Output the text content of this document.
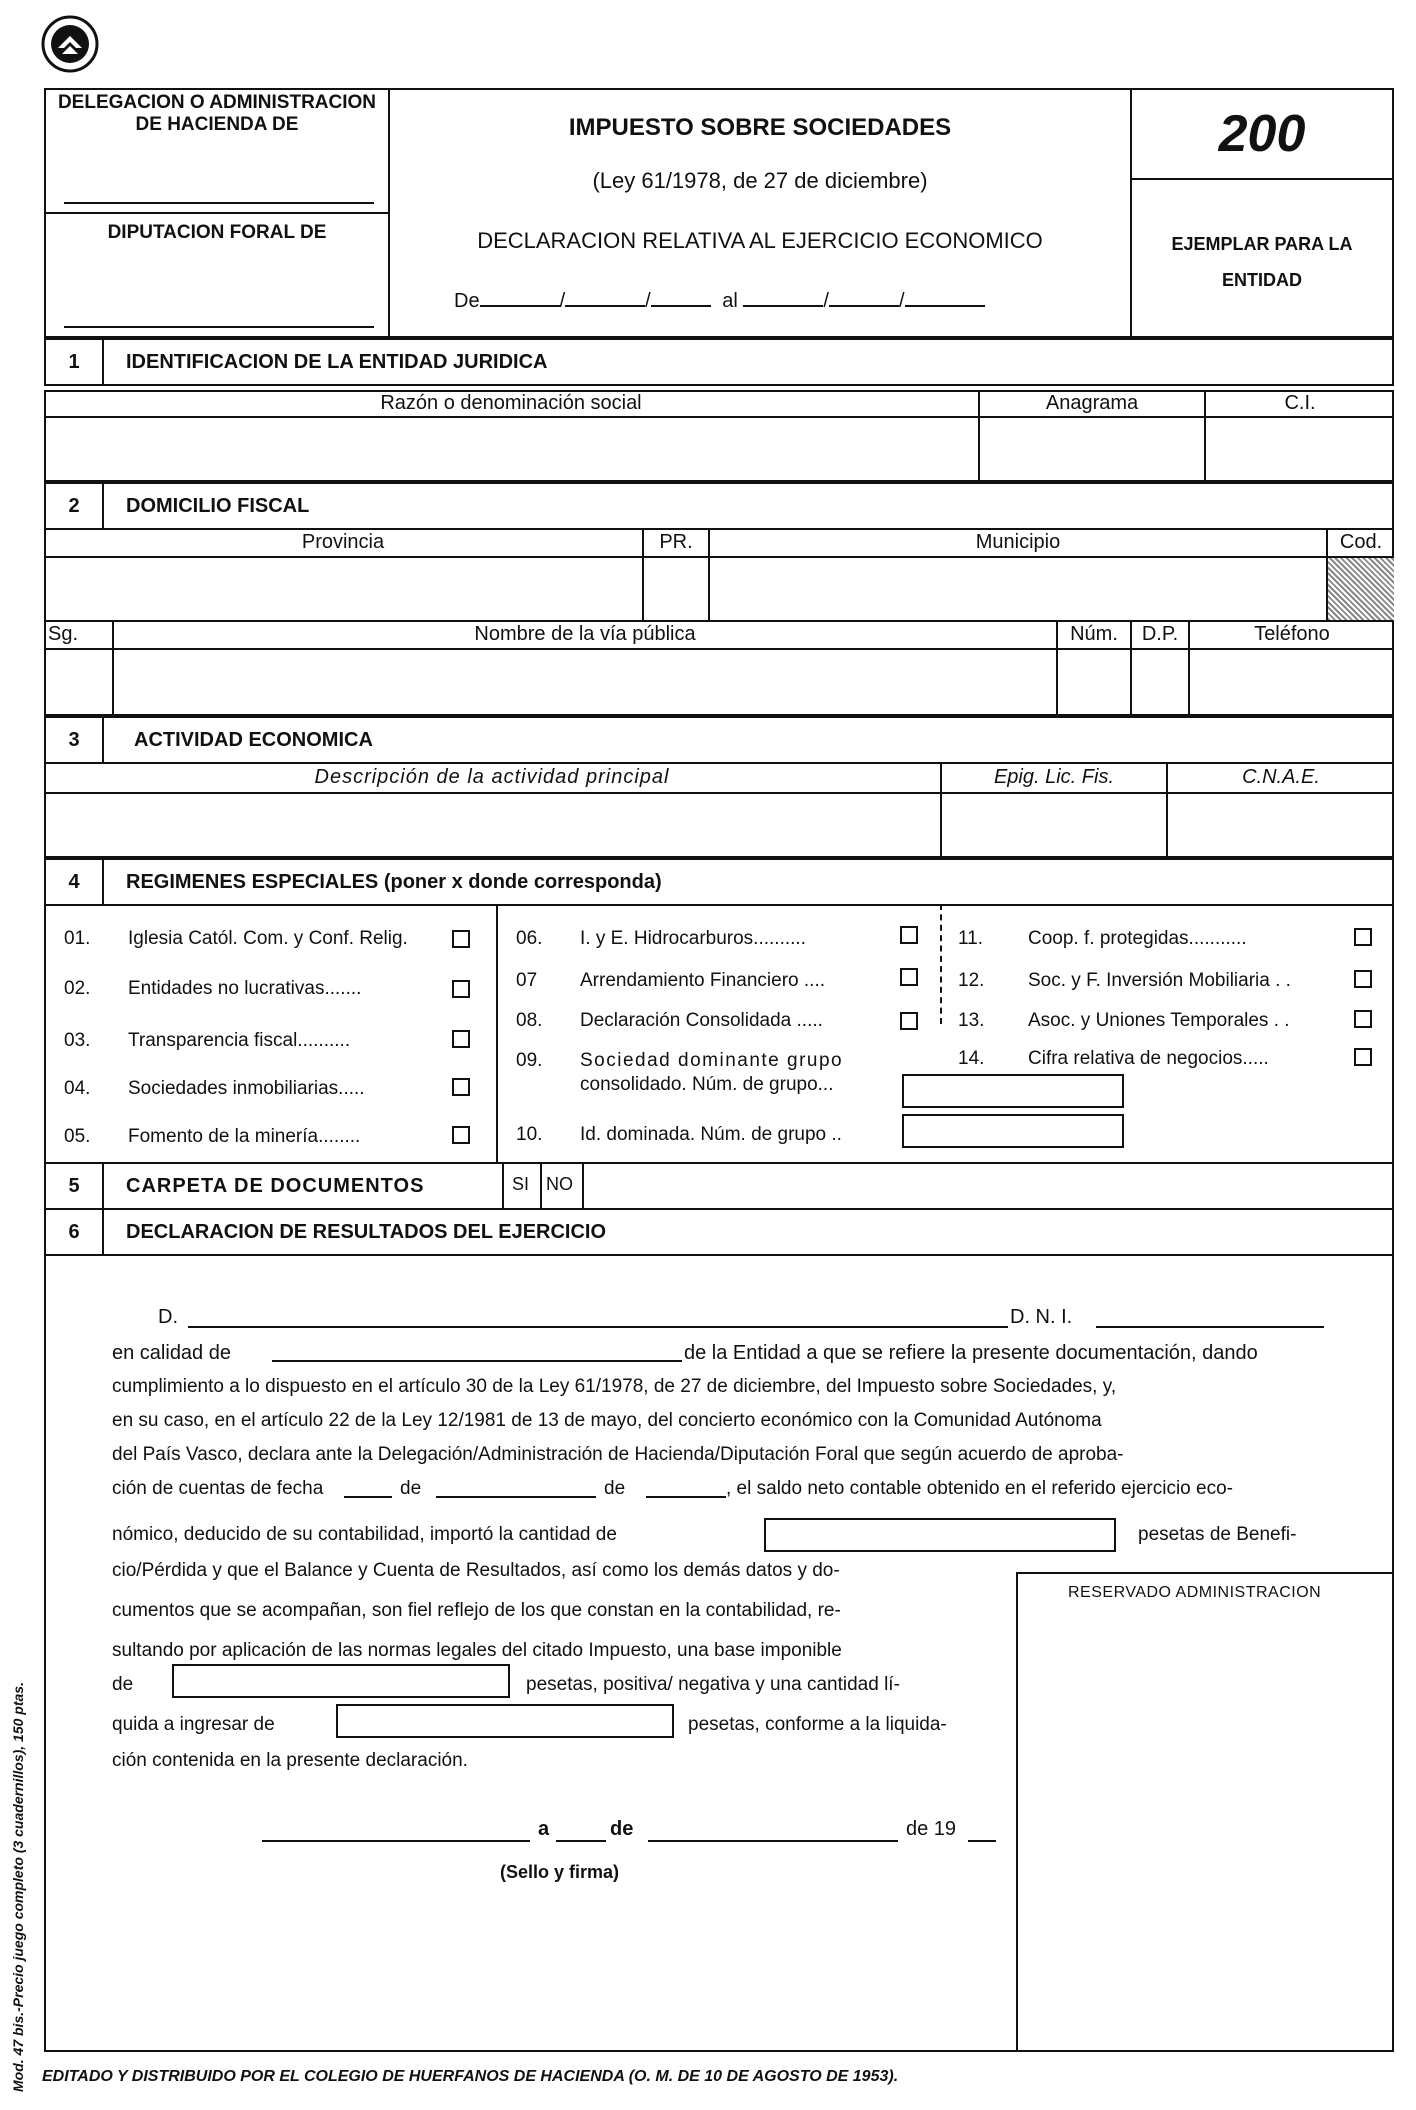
DELEGACION O ADMINISTRACION DE HACIENDA DE
DIPUTACION FORAL DE
IMPUESTO SOBRE SOCIEDADES
(Ley 61/1978, de 27 de diciembre)
DECLARACION RELATIVA AL EJERCICIO ECONOMICO
De	/	/	al	/	/
200
EJEMPLAR PARA LA ENTIDAD
1	IDENTIFICACION DE LA ENTIDAD JURIDICA
Razón o denominación social	Anagrama	C.I.
2	DOMICILIO FISCAL
Provincia	PR.	Municipio	Cod.
Sg.	Nombre de la vía pública	Núm.	D.P.	Teléfono
3	ACTIVIDAD ECONOMICA
Descripción de la actividad principal	Epig. Lic. Fis.	C.N.A.E.
4	REGIMENES ESPECIALES (poner x donde corresponda)
01.	Iglesia Catól. Com. y Conf. Relig.
02.	Entidades no lucrativas.......
03.	Transparencia fiscal..........
04.	Sociedades inmobiliarias.....
05.	Fomento de la minería........
06.	I. y E. Hidrocarburos..........
07	Arrendamiento Financiero ....
08.	Declaración Consolidada .....
09.	Sociedad dominante grupo
consolidado. Núm. de grupo...
10.	Id. dominada. Núm. de grupo ..
11.	Coop. f. protegidas...........
12.	Soc. y F. Inversión Mobiliaria . .
13.	Asoc. y Uniones Temporales . .
14.	Cifra relativa de negocios.....
5	CARPETA DE DOCUMENTOS	SI NO
6	DECLARACION DE RESULTADOS DEL EJERCICIO
D.	D. N. I.
en calidad de	de la Entidad a que se refiere la presente documentación, dando
cumplimiento a lo dispuesto en el artículo 30 de la Ley 61/1978, de 27 de diciembre, del Impuesto sobre Sociedades, y,
en su caso, en el artículo 22 de la Ley 12/1981 de 13 de mayo, del concierto económico con la Comunidad Autónoma
del País Vasco, declara ante la Delegación/Administración de Hacienda/Diputación Foral que según acuerdo de aproba-
ción de cuentas de fecha	de	de	, el saldo neto contable obtenido en el referido ejercicio eco-
nómico, deducido de su contabilidad, importó la cantidad de	pesetas de Benefi-
cio/Pérdida y que el Balance y Cuenta de Resultados, así como los demás datos y do-
cumentos que se acompañan, son fiel reflejo de los que constan en la contabilidad, re-
sultando por aplicación de las normas legales del citado Impuesto, una base imponible
de	pesetas, positiva/ negativa y una cantidad lí-
quida a ingresar de	pesetas, conforme a la liquida-
ción contenida en la presente declaración.
a	de	de 19
(Sello y firma)
RESERVADO ADMINISTRACION
Mod. 47 bis.-Precio juego completo (3 cuadernillos), 150 ptas. EDITADO Y DISTRIBUIDO POR EL COLEGIO DE HUERFANOS DE HACIENDA (O. M. DE 10 DE AGOSTO DE 1953).
